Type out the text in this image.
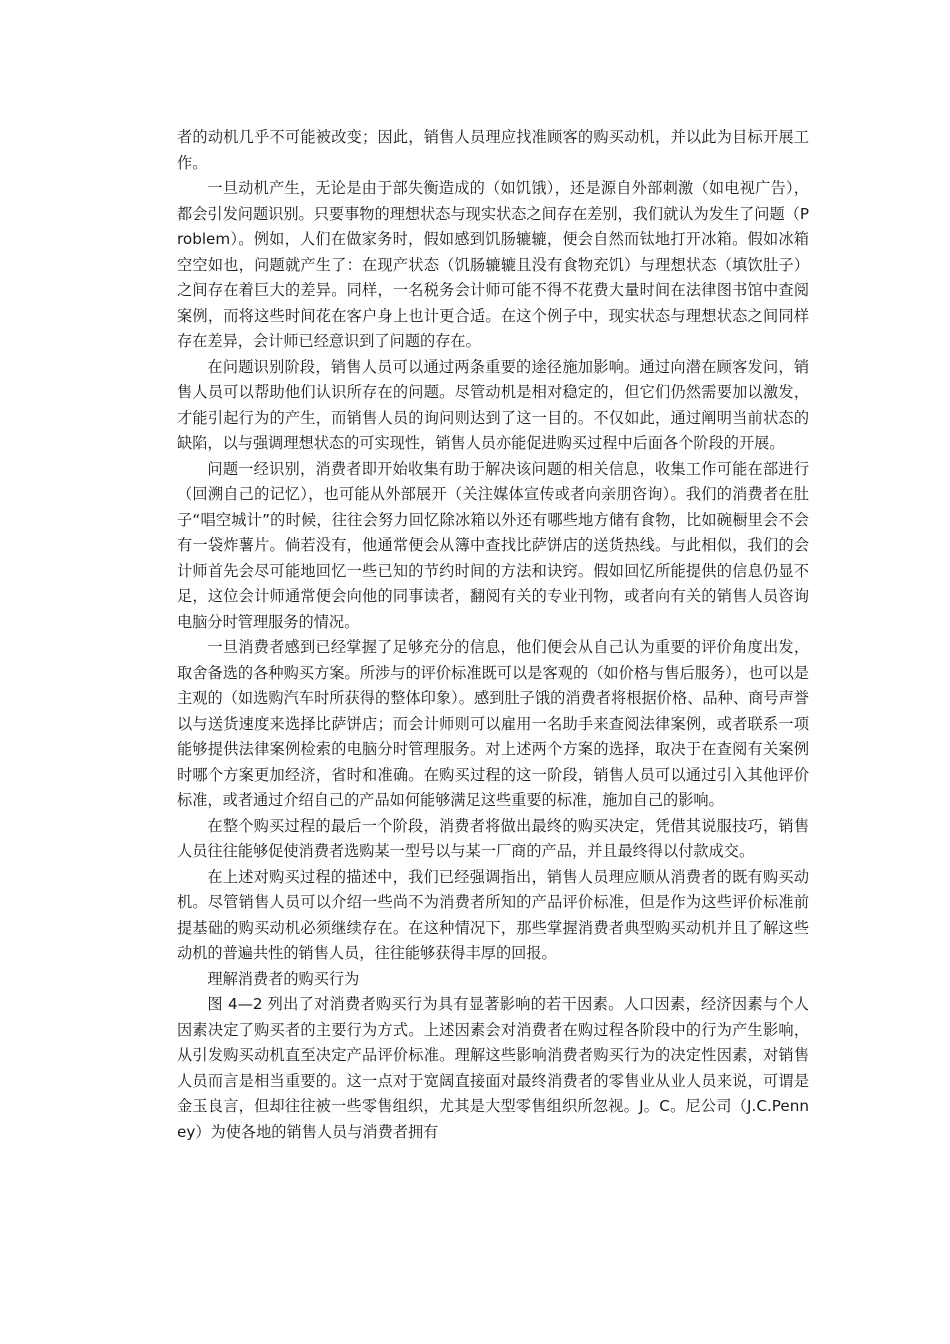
者的动机几乎不可能被改变；因此，销售人员理应找准顾客的购买动机，并以此为目标开展工作。

一旦动机产生，无论是由于部失衡造成的（如饥饿），还是源自外部刺激（如电视广告），都会引发问题识别。只要事物的理想状态与现实状态之间存在差别，我们就认为发生了问题（Problem）。例如，人们在做家务时，假如感到饥肠辘辘，便会自然而钛地打开冰箱。假如冰箱空空如也，问题就产生了：在现产状态（饥肠辘辘且没有食物充饥）与理想状态（填饮肚子）之间存在着巨大的差异。同样，一名税务会计师可能不得不花费大量时间在法律图书馆中查阅案例，而将这些时间花在客户身上也计更合适。在这个例子中，现实状态与理想状态之间同样存在差异，会计师已经意识到了问题的存在。

在问题识别阶段，销售人员可以通过两条重要的途径施加影响。通过向潜在顾客发问，销售人员可以帮助他们认识所存在的问题。尽管动机是相对稳定的，但它们仍然需要加以激发，才能引起行为的产生，而销售人员的询问则达到了这一目的。不仅如此，通过阐明当前状态的缺陷，以与强调理想状态的可实现性，销售人员亦能促进购买过程中后面各个阶段的开展。

问题一经识别，消费者即开始收集有助于解决该问题的相关信息，收集工作可能在部进行（回溯自己的记忆），也可能从外部展开（关注媒体宣传或者向亲朋咨询）。我们的消费者在肚子“唱空城计”的时候，往往会努力回忆除冰箱以外还有哪些地方储有食物，比如碗橱里会不会有一袋炸薯片。倘若没有，他通常便会从簿中查找比萨饼店的送货热线。与此相似，我们的会计师首先会尽可能地回忆一些已知的节约时间的方法和诀窍。假如回忆所能提供的信息仍显不足，这位会计师通常便会向他的同事读者，翻阅有关的专业刊物，或者向有关的销售人员咨询电脑分时管理服务的情况。

一旦消费者感到已经掌握了足够充分的信息，他们便会从自己认为重要的评价角度出发，取舍备选的各种购买方案。所涉与的评价标准既可以是客观的（如价格与售后服务），也可以是主观的（如选购汽车时所获得的整体印象）。感到肚子饿的消费者将根据价格、品种、商号声誉以与送货速度来选择比萨饼店；而会计师则可以雇用一名助手来查阅法律案例，或者联系一项能够提供法律案例检索的电脑分时管理服务。对上述两个方案的选择，取决于在查阅有关案例时哪个方案更加经济，省时和准确。在购买过程的这一阶段，销售人员可以通过引入其他评价标准，或者通过介绍自己的产品如何能够满足这些重要的标准，施加自己的影响。

在整个购买过程的最后一个阶段，消费者将做出最终的购买决定，凭借其说服技巧，销售人员往往能够促使消费者选购某一型号以与某一厂商的产品，并且最终得以付款成交。

在上述对购买过程的描述中，我们已经强调指出，销售人员理应顺从消费者的既有购买动机。尽管销售人员可以介绍一些尚不为消费者所知的产品评价标准，但是作为这些评价标准前提基础的购买动机必须继续存在。在这种情况下，那些掌握消费者典型购买动机并且了解这些动机的普遍共性的销售人员，往往能够获得丰厚的回报。

理解消费者的购买行为

图 4—2 列出了对消费者购买行为具有显著影响的若干因素。人口因素，经济因素与个人因素决定了购买者的主要行为方式。上述因素会对消费者在购过程各阶段中的行为产生影响，从引发购买动机直至决定产品评价标准。理解这些影响消费者购买行为的决定性因素，对销售人员而言是相当重要的。这一点对于宽阔直接面对最终消费者的零售业从业人员来说，可谓是金玉良言，但却往往被一些零售组织，尤其是大型零售组织所忽视。J。C。尼公司（J.C.Penney）为使各地的销售人员与消费者拥有
